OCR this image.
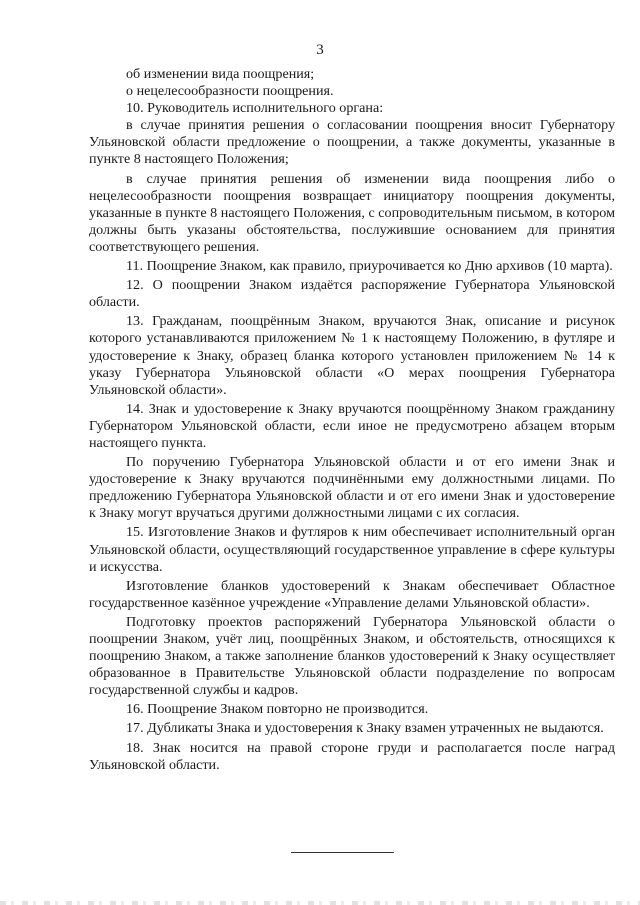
3

об изменении вида поощрения;

о нецелесообразности поощрения.

10. Руководитель исполнительного органа:

в случае принятия решения о согласовании поощрения вносит Губернатору Ульяновской области предложение о поощрении, а также документы, указанные в пункте 8 настоящего Положения;

в случае принятия решения об изменении вида поощрения либо о нецелесообразности поощрения возвращает инициатору поощрения документы, указанные в пункте 8 настоящего Положения, с сопроводительным письмом, в котором должны быть указаны обстоятельства, послужившие основанием для принятия соответствующего решения.

11. Поощрение Знаком, как правило, приурочивается ко Дню архивов (10 марта).

12. О поощрении Знаком издаётся распоряжение Губернатора Ульяновской области.

13. Гражданам, поощрённым Знаком, вручаются Знак, описание и рисунок которого устанавливаются приложением № 1 к настоящему Положению, в футляре и удостоверение к Знаку, образец бланка которого установлен приложением № 14 к указу Губернатора Ульяновской области «О мерах поощрения Губернатора Ульяновской области».

14. Знак и удостоверение к Знаку вручаются поощрённому Знаком гражданину Губернатором Ульяновской области, если иное не предусмотрено абзацем вторым настоящего пункта.

По поручению Губернатора Ульяновской области и от его имени Знак и удостоверение к Знаку вручаются подчинёнными ему должностными лицами. По предложению Губернатора Ульяновской области и от его имени Знак и удостоверение к Знаку могут вручаться другими должностными лицами с их согласия.

15. Изготовление Знаков и футляров к ним обеспечивает исполнительный орган Ульяновской области, осуществляющий государственное управление в сфере культуры и искусства.

Изготовление бланков удостоверений к Знакам обеспечивает Областное государственное казённое учреждение «Управление делами Ульяновской области».

Подготовку проектов распоряжений Губернатора Ульяновской области о поощрении Знаком, учёт лиц, поощрённых Знаком, и обстоятельств, относящихся к поощрению Знаком, а также заполнение бланков удостоверений к Знаку осуществляет образованное в Правительстве Ульяновской области подразделение по вопросам государственной службы и кадров.

16. Поощрение Знаком повторно не производится.

17. Дубликаты Знака и удостоверения к Знаку взамен утраченных не выдаются.

18. Знак носится на правой стороне груди и располагается после наград Ульяновской области.
